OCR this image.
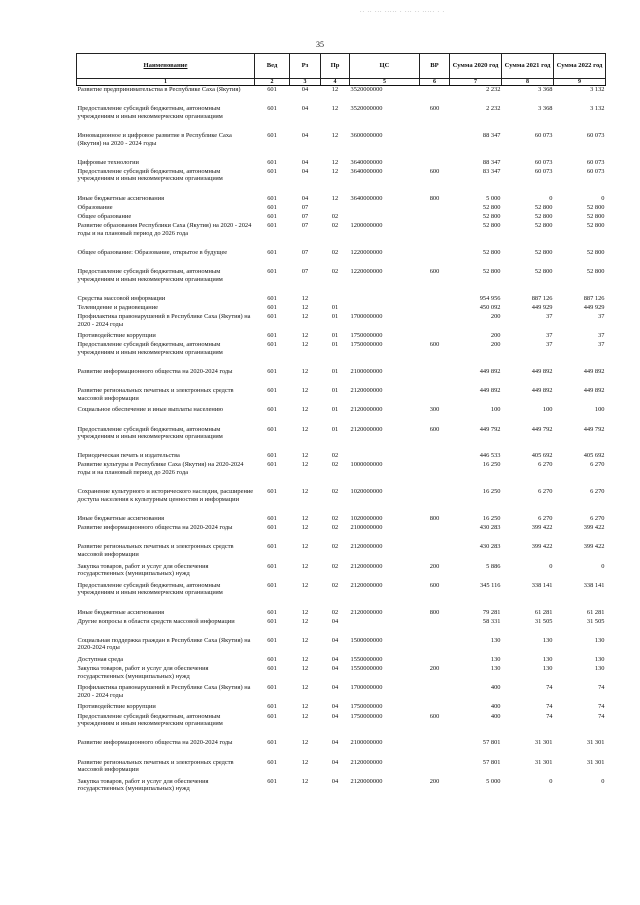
.. .. ... ..... . ... .. ..... . .
35
Наименование	Вед	Рз	Пр	ЦС	ВР	Сумма 2020 год	Сумма 2021 год	Сумма 2022 год
1	2	3	4	5	6	7	8	9
Развитие предпринимательства в Республике Саха (Якутия)	601	04	12	3520000000		2 232	3 368	3 132
Предоставление субсидий бюджетным, автономным учреждениям и иным некоммерческим организациям	601	04	12	3520000000	600	2 232	3 368	3 132
Инновационное и цифровое развитие в Республике Саха (Якутия) на 2020 - 2024 годы	601	04	12	3600000000		88 347	60 073	60 073
Цифровые технологии	601	04	12	3640000000		88 347	60 073	60 073
Предоставление субсидий бюджетным, автономным учреждениям и иным некоммерческим организациям	601	04	12	3640000000	600	83 347	60 073	60 073
Иные бюджетные ассигнования	601	04	12	3640000000	800	5 000	0	0
Образование	601	07				52 800	52 800	52 800
Общее образование	601	07	02			52 800	52 800	52 800
Развитие образования Республики Саха (Якутия) на 2020 - 2024 годы и на плановый период до 2026 года	601	07	02	1200000000		52 800	52 800	52 800
Общее образование: Образование, открытое в будущее	601	07	02	1220000000		52 800	52 800	52 800
Предоставление субсидий бюджетным, автономным учреждениям и иным некоммерческим организациям	601	07	02	1220000000	600	52 800	52 800	52 800
Средства массовой информации	601	12				954 956	887 126	887 126
Телевидение и радиовещание	601	12	01			450 092	449 929	449 929
Профилактика правонарушений в Республике Саха (Якутия) на 2020 - 2024 годы	601	12	01	1700000000		200	37	37
Противодействие коррупции	601	12	01	1750000000		200	37	37
Предоставление субсидий бюджетным, автономным учреждениям и иным некоммерческим организациям	601	12	01	1750000000	600	200	37	37
Развитие информационного общества на 2020-2024 годы	601	12	01	2100000000		449 892	449 892	449 892
Развитие региональных печатных и электронных средств массовой информации	601	12	01	2120000000		449 892	449 892	449 892
Социальное обеспечение и иные выплаты населению	601	12	01	2120000000	300	100	100	100
Предоставление субсидий бюджетным, автономным учреждениям и иным некоммерческим организациям	601	12	01	2120000000	600	449 792	449 792	449 792
Периодическая печать и издательства	601	12	02			446 533	405 692	405 692
Развитие культуры в Республике Саха (Якутия) на 2020-2024 годы и на плановый период до 2026 года	601	12	02	1000000000		16 250	6 270	6 270
Сохранение культурного и исторического наследия, расширение доступа населения к культурным ценностям и информации	601	12	02	1020000000		16 250	6 270	6 270
Иные бюджетные ассигнования	601	12	02	1020000000	800	16 250	6 270	6 270
Развитие информационного общества на 2020-2024 годы	601	12	02	2100000000		430 283	399 422	399 422
Развитие региональных печатных и электронных средств массовой информации	601	12	02	2120000000		430 283	399 422	399 422
Закупка товаров, работ и услуг для обеспечения государственных (муниципальных) нужд	601	12	02	2120000000	200	5 886	0	0
Предоставление субсидий бюджетным, автономным учреждениям и иным некоммерческим организациям	601	12	02	2120000000	600	345 116	338 141	338 141
Иные бюджетные ассигнования	601	12	02	2120000000	800	79 281	61 281	61 281
Другие вопросы в области средств массовой информации	601	12	04			58 331	31 505	31 505
Социальная поддержка граждан в Республике Саха (Якутия) на 2020-2024 годы	601	12	04	1500000000		130	130	130
Доступная среда	601	12	04	1550000000		130	130	130
Закупка товаров, работ и услуг для обеспечения государственных (муниципальных) нужд	601	12	04	1550000000	200	130	130	130
Профилактика правонарушений в Республике Саха (Якутия) на 2020 - 2024 годы	601	12	04	1700000000		400	74	74
Противодействие коррупции	601	12	04	1750000000		400	74	74
Предоставление субсидий бюджетным, автономным учреждениям и иным некоммерческим организациям	601	12	04	1750000000	600	400	74	74
Развитие информационного общества на 2020-2024 годы	601	12	04	2100000000		57 801	31 301	31 301
Развитие региональных печатных и электронных средств массовой информации	601	12	04	2120000000		57 801	31 301	31 301
Закупка товаров, работ и услуг для обеспечения государственных (муниципальных) нужд	601	12	04	2120000000	200	5 000	0	0
